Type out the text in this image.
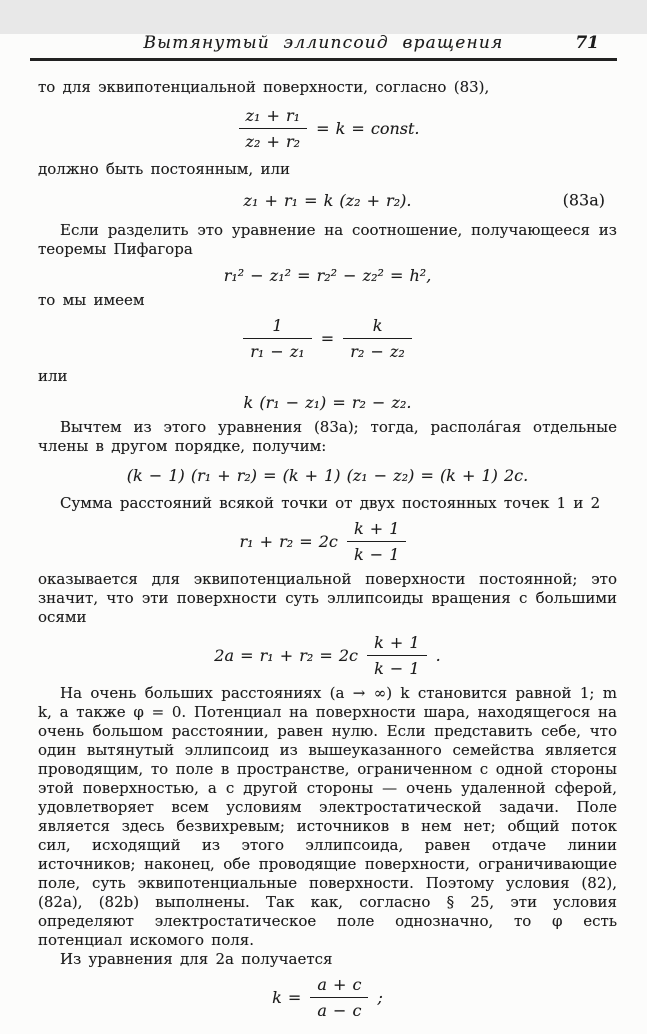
Вытянутый эллипсоид вращения	71

то для эквипотенциальной поверхности, согласно (83),

$\frac{\text{z₁ + r₁}}{\text{z₂ + r₂}} = k$ = const.

должно быть постоянным, или

z₁ + r₁ = k (z₂ + r₂).	(83a)

Если разделить это уравнение на соотношение, получающееся из теоремы Пифагора

r₁² − z₁² = r₂² − z₂² = h²,

то мы имеем

$\frac{1}{\text{r₁ − z₁}} = \frac{k}{\text{r₂ − z₂}}$

или

k (r₁ − z₁) = r₂ − z₂.

Вычтем из этого уравнения (83а); тогда, распола́гая отдельные члены в другом порядке, получим:

(k − 1) (r₁ + r₂) = (k + 1) (z₁ − z₂) = (k + 1) 2c.

Сумма расстояний всякой точки от двух постоянных точек 1 и 2

$r_1 + r_2 = 2c \frac{k + 1}{k - 1}$

оказывается для эквипотенциальной поверхности постоянной; это значит, что эти поверхности суть эллипсоиды вращения с большими осями

$2a = r_1 + r_2 = 2c \frac{k + 1}{k - 1}$ .

На очень больших расстояниях (a → ∞) k становится равной 1; m k, а также φ = 0. Потенциал на поверхности шара, находящегося на очень большом расстоянии, равен нулю. Если представить себе, что один вытянутый эллипсоид из вышеуказанного семейства является проводящим, то поле в пространстве, ограниченном с одной стороны этой поверхностью, а с другой стороны — очень удаленной сферой, удовлетворяет всем условиям электростатической задачи. Поле является здесь безвихревым; источников в нем нет; общий поток сил, исходящий из этого эллипсоида, равен отдаче линии источников; наконец, обе проводящие поверхности, ограничивающие поле, суть эквипотенциальные поверхности. Поэтому условия (82), (82а), (82b) выполнены. Так как, согласно § 25, эти условия определяют электростатическое поле однозначно, то φ есть потенциал искомого поля.

Из уравнения для 2a получается

$k = \frac{a + c}{a - c}$ ;
